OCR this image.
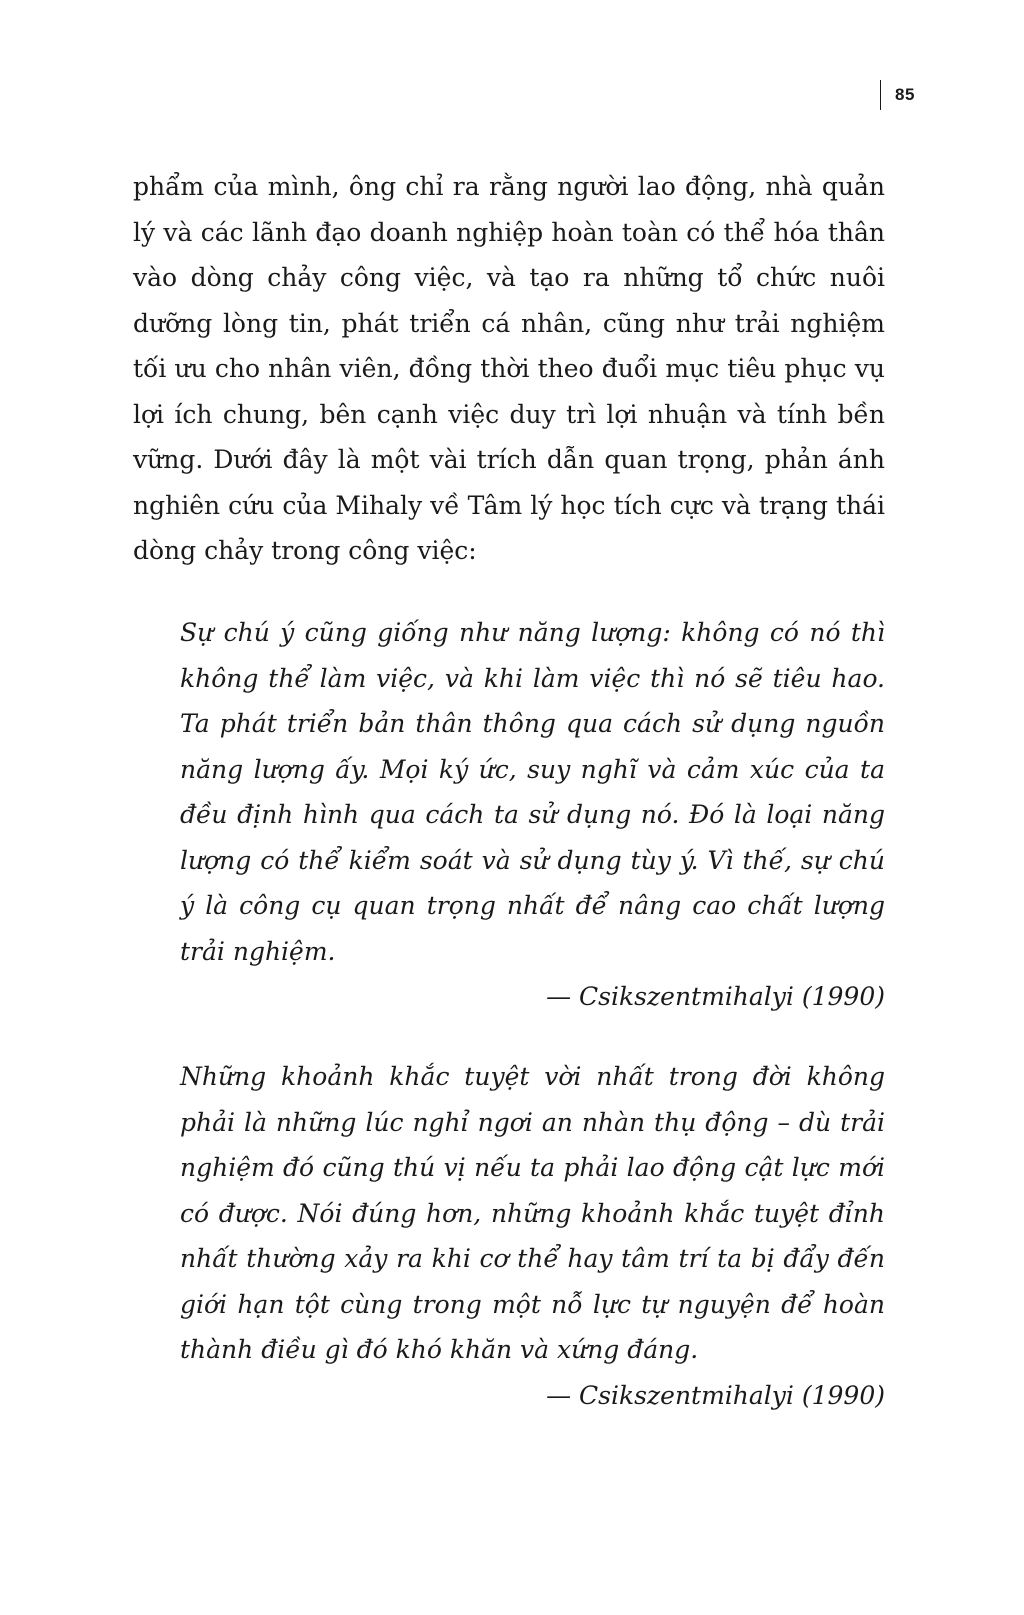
85
phẩm của mình, ông chỉ ra rằng người lao động, nhà quản lý và các lãnh đạo doanh nghiệp hoàn toàn có thể hóa thân vào dòng chảy công việc, và tạo ra những tổ chức nuôi dưỡng lòng tin, phát triển cá nhân, cũng như trải nghiệm tối ưu cho nhân viên, đồng thời theo đuổi mục tiêu phục vụ lợi ích chung, bên cạnh việc duy trì lợi nhuận và tính bền vững. Dưới đây là một vài trích dẫn quan trọng, phản ánh nghiên cứu của Mihaly về Tâm lý học tích cực và trạng thái dòng chảy trong công việc:

Sự chú ý cũng giống như năng lượng: không có nó thì không thể làm việc, và khi làm việc thì nó sẽ tiêu hao. Ta phát triển bản thân thông qua cách sử dụng nguồn năng lượng ấy. Mọi ký ức, suy nghĩ và cảm xúc của ta đều định hình qua cách ta sử dụng nó. Đó là loại năng lượng có thể kiểm soát và sử dụng tùy ý. Vì thế, sự chú ý là công cụ quan trọng nhất để nâng cao chất lượng trải nghiệm.

— Csikszentmihalyi (1990)

Những khoảnh khắc tuyệt vời nhất trong đời không phải là những lúc nghỉ ngơi an nhàn thụ động – dù trải nghiệm đó cũng thú vị nếu ta phải lao động cật lực mới có được. Nói đúng hơn, những khoảnh khắc tuyệt đỉnh nhất thường xảy ra khi cơ thể hay tâm trí ta bị đẩy đến giới hạn tột cùng trong một nỗ lực tự nguyện để hoàn thành điều gì đó khó khăn và xứng đáng.

— Csikszentmihalyi (1990)
